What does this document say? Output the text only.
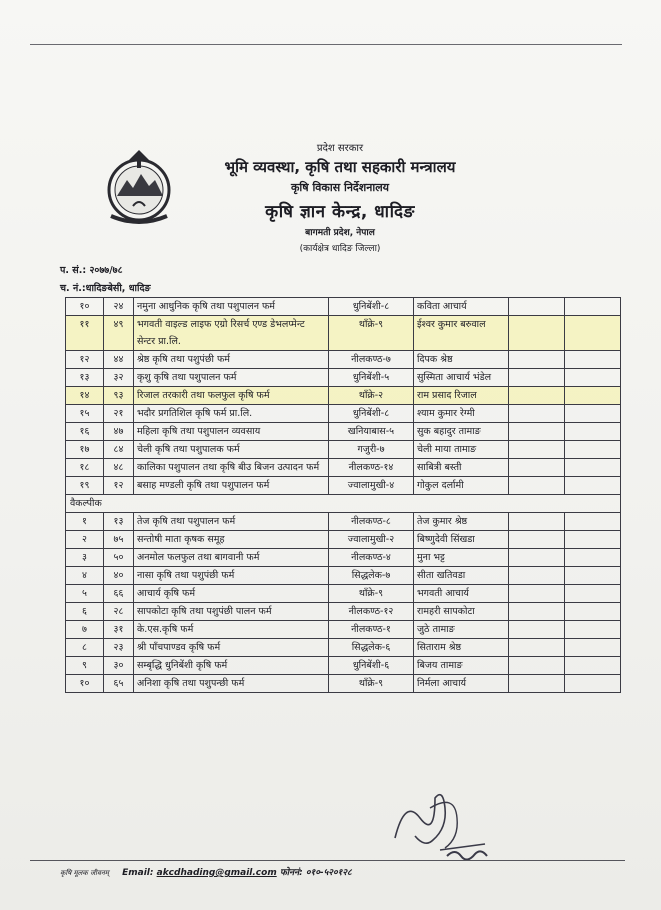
प्रदेश सरकार
भूमि व्यवस्था, कृषि तथा सहकारी मन्त्रालय
कृषि विकास निर्देशनालय
कृषि ज्ञान केन्द्र, धादिङ
बागमती प्रदेश, नेपाल
(कार्यक्षेत्र धादिङ जिल्ला)
प. सं.: २०७७/७८
च. नं.:धादिङबेसी, धादिङ
१०	२४	नमुना आधुनिक कृषि तथा पशुपालन फर्म	धुनिबेंशी-८	कविता आचार्य		
११	४९	भगवती वाइल्ड लाइफ एग्रो रिसर्च एण्ड डेभलप्मेन्ट सेन्टर प्रा.लि.	थाँक्रे-९	ईश्वर कुमार बरुवाल		
१२	४४	श्रेष्ठ कृषि तथा पशुपंछी फर्म	नीलकण्ठ-७	दिपक श्रेष्ठ		
१३	३२	कृशु कृषि तथा पशुपालन फर्म	धुनिबेंशी-५	सुस्मिता आचार्य भंडेल		
१४	९३	रिजाल तरकारी तथा फलफुल कृषि फर्म	थाँक्रे-२	राम प्रसाद रिजाल		
१५	२१	भदौर प्रगतिशिल कृषि फर्म प्रा.लि.	धुनिबेंशी-८	श्याम कुमार रेग्मी		
१६	४७	महिला कृषि तथा पशुपालन व्यवसाय	खनियाबास-५	सुक बहादुर तामाङ		
१७	८४	चेली कृषि तथा पशुपालक फर्म	गजुरी-७	चेली माया तामाङ		
१८	४८	कालिका पशुपालन तथा कृषि बीउ बिजन उत्पादन फर्म	नीलकण्ठ-१४	साबित्री बस्ती		
१९	१२	बसाह मण्डली कृषि तथा पशुपालन फर्म	ज्वालामुखी-४	गोकुल दर्लामी		
वैकल्पीक						
१	१३	तेज कृषि तथा पशुपालन फर्म	नीलकण्ठ-८	तेज कुमार श्रेष्ठ		
२	७५	सन्तोषी माता कृषक समूह	ज्वालामुखी-२	बिष्णुदेवी सिंखडा		
३	५०	अनमोल फलफुल तथा बागवानी फर्म	नीलकण्ठ-४	मुना भट्ट		
४	४०	नासा कृषि तथा पशुपंछी फर्म	सिद्धलेक-७	सीता खतिवडा		
५	६६	आचार्य कृषि फर्म	थाँक्रे-९	भगवती आचार्य		
६	२८	सापकोटा कृषि तथा पशुपंछी पालन फर्म	नीलकण्ठ-१२	रामहरी सापकोटा		
७	३१	के.एस.कृषि फर्म	नीलकण्ठ-१	जुठे तामाङ		
८	२३	श्री पाँचपाण्डव कृषि फर्म	सिद्धलेक-६	सिताराम श्रेष्ठ		
९	३०	सम्बृद्धि धुनिबेंशी कृषि फर्म	धुनिबेंशी-६	बिजय तामाङ		
१०	६५	अनिशा कृषि तथा पशुपन्छी फर्म	थाँक्रे-९	निर्मला आचार्य		
कृषि मूलक जीवनम् Email: akcdhading@gmail.com फोननं: ०१०-५२०१२८
